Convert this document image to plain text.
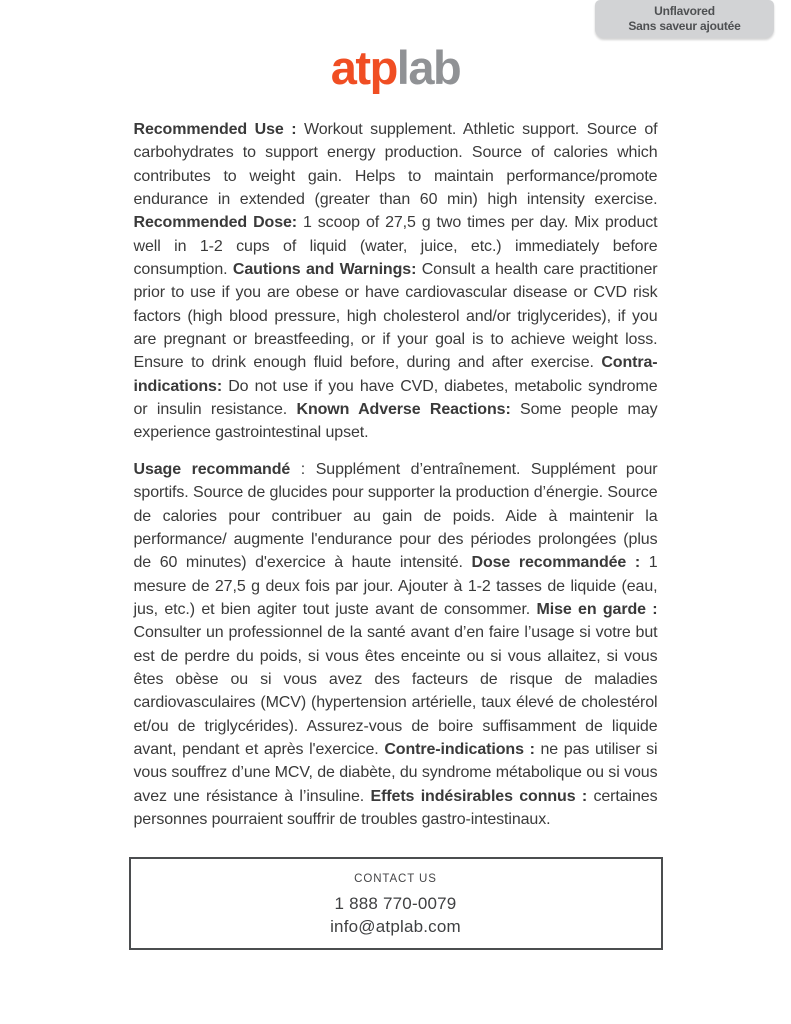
Unflavored
Sans saveur ajoutée
atplab

Recommended Use : Workout supplement. Athletic support. Source of carbohydrates to support energy production. Source of calories which contributes to weight gain. Helps to maintain performance/promote endurance in extended (greater than 60 min) high intensity exercise. Recommended Dose: 1 scoop of 27,5 g two times per day. Mix product well in 1-2 cups of liquid (water, juice, etc.) immediately before consumption. Cautions and Warnings: Consult a health care practitioner prior to use if you are obese or have cardiovascular disease or CVD risk factors (high blood pressure, high cholesterol and/or triglycerides), if you are pregnant or breastfeeding, or if your goal is to achieve weight loss. Ensure to drink enough fluid before, during and after exercise. Contra-indications: Do not use if you have CVD, diabetes, metabolic syndrome or insulin resistance. Known Adverse Reactions: Some people may experience gastrointestinal upset.

Usage recommandé : Supplément d’entraînement. Supplément pour sportifs. Source de glucides pour supporter la production d’énergie. Source de calories pour contribuer au gain de poids. Aide à maintenir la performance/ augmente l'endurance pour des périodes prolongées (plus de 60 minutes) d'exercice à haute intensité. Dose recommandée : 1 mesure de 27,5 g deux fois par jour. Ajouter à 1-2 tasses de liquide (eau, jus, etc.) et bien agiter tout juste avant de consommer. Mise en garde : Consulter un professionnel de la santé avant d’en faire l’usage si votre but est de perdre du poids, si vous êtes enceinte ou si vous allaitez, si vous êtes obèse ou si vous avez des facteurs de risque de maladies cardiovasculaires (MCV) (hypertension artérielle, taux élevé de cholestérol et/ou de triglycérides). Assurez-vous de boire suffisamment de liquide avant, pendant et après l'exercice. Contre-indications : ne pas utiliser si vous souffrez d’une MCV, de diabète, du syndrome métabolique ou si vous avez une résistance à l’insuline. Effets indésirables connus : certaines personnes pourraient souffrir de troubles gastro-intestinaux.

CONTACT US

1 888 770-0079

info@atplab.com
